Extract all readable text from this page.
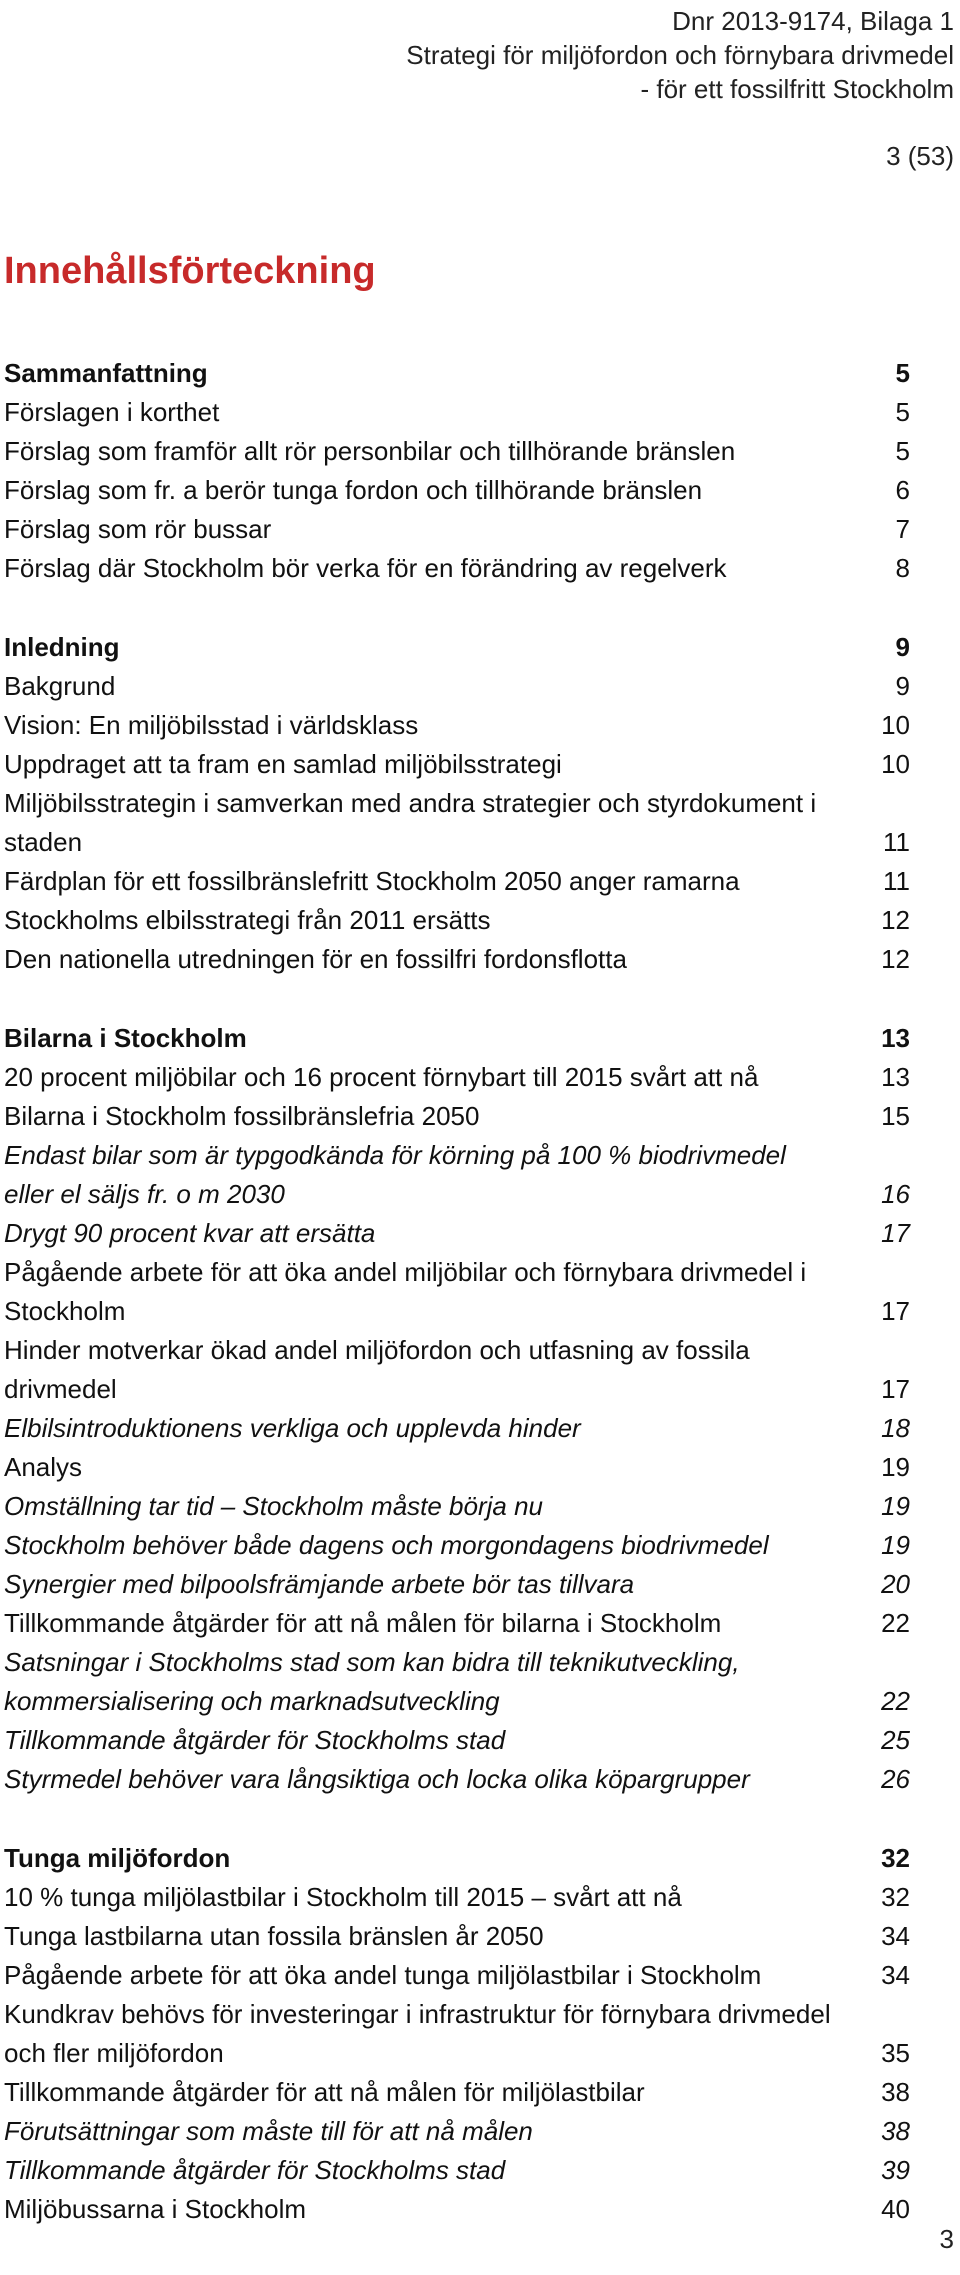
Dnr 2013-9174, Bilaga 1
Strategi för miljöfordon och förnybara drivmedel
- för ett fossilfritt Stockholm
3 (53)
Innehållsförteckning
Sammanfattning	5
Förslagen i korthet	5
Förslag som framför allt rör personbilar och tillhörande bränslen	5
Förslag som fr. a berör tunga fordon och tillhörande bränslen	6
Förslag som rör bussar	7
Förslag där Stockholm bör verka för en förändring av regelverk	8
Inledning	9
Bakgrund	9
Vision: En miljöbilsstad i världsklass	10
Uppdraget att ta fram en samlad miljöbilsstrategi	10
Miljöbilsstrategin i samverkan med andra strategier och styrdokument i
staden	11
Färdplan för ett fossilbränslefritt Stockholm 2050 anger ramarna	11
Stockholms elbilsstrategi från 2011 ersätts	12
Den nationella utredningen för en fossilfri fordonsflotta	12
Bilarna i Stockholm	13
20 procent miljöbilar och 16 procent förnybart till 2015 svårt att nå	13
Bilarna i Stockholm fossilbränslefria 2050	15
Endast bilar som är typgodkända för körning på 100 % biodrivmedel
eller el säljs fr. o m 2030	16
Drygt 90 procent kvar att ersätta	17
Pågående arbete för att öka andel miljöbilar och förnybara drivmedel i
Stockholm	17
Hinder motverkar ökad andel miljöfordon och utfasning av fossila
drivmedel	17
Elbilsintroduktionens verkliga och upplevda hinder	18
Analys	19
Omställning tar tid – Stockholm måste börja nu	19
Stockholm behöver både dagens och morgondagens biodrivmedel	19
Synergier med bilpoolsfrämjande arbete bör tas tillvara	20
Tillkommande åtgärder för att nå målen för bilarna i Stockholm	22
Satsningar i Stockholms stad som kan bidra till teknikutveckling,
kommersialisering och marknadsutveckling	22
Tillkommande åtgärder för Stockholms stad	25
Styrmedel behöver vara långsiktiga och locka olika köpargrupper	26
Tunga miljöfordon	32
10 % tunga miljölastbilar i Stockholm till 2015 – svårt att nå	32
Tunga lastbilarna utan fossila bränslen år 2050	34
Pågående arbete för att öka andel tunga miljölastbilar i Stockholm	34
Kundkrav behövs för investeringar i infrastruktur för förnybara drivmedel
och fler miljöfordon	35
Tillkommande åtgärder för att nå målen för miljölastbilar	38
Förutsättningar som måste till för att nå målen	38
Tillkommande åtgärder för Stockholms stad	39
Miljöbussarna i Stockholm	40
3
